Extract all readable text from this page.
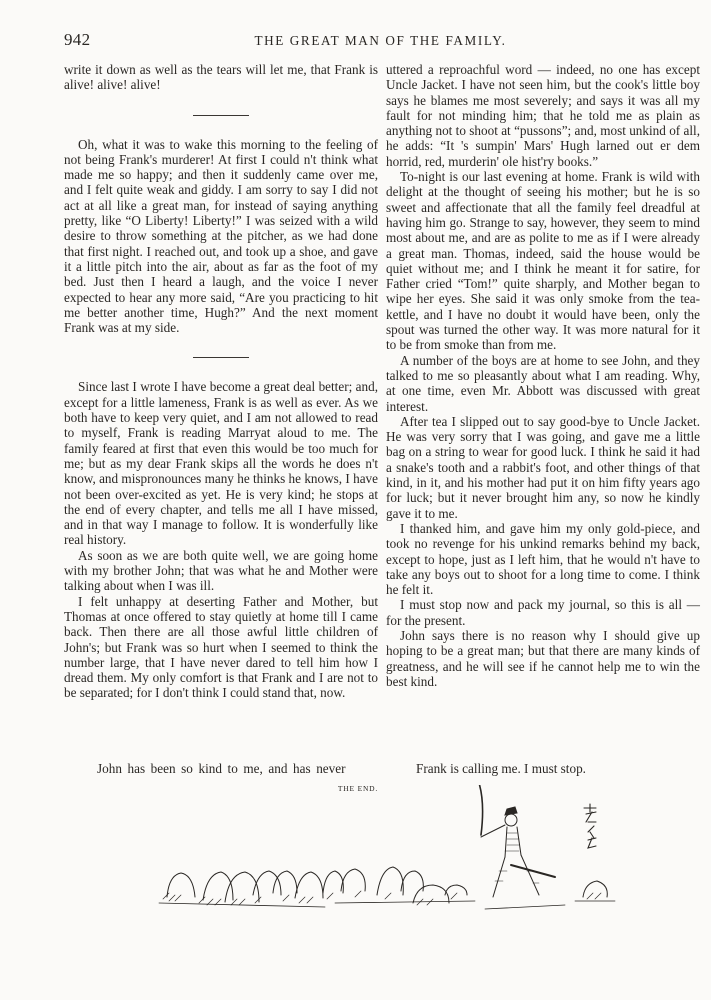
942	THE GREAT MAN OF THE FAMILY.

write it down as well as the tears will let me, that Frank is alive! alive! alive!

Oh, what it was to wake this morning to the feeling of not being Frank's murderer! At first I could n't think what made me so happy; and then it suddenly came over me, and I felt quite weak and giddy. I am sorry to say I did not act at all like a great man, for instead of saying anything pretty, like “O Liberty! Liberty!” I was seized with a wild desire to throw something at the pitcher, as we had done that first night. I reached out, and took up a shoe, and gave it a little pitch into the air, about as far as the foot of my bed. Just then I heard a laugh, and the voice I never expected to hear any more said, “Are you practicing to hit me better another time, Hugh?” And the next moment Frank was at my side.

Since last I wrote I have become a great deal better; and, except for a little lameness, Frank is as well as ever. As we both have to keep very quiet, and I am not allowed to read to myself, Frank is reading Marryat aloud to me. The family feared at first that even this would be too much for me; but as my dear Frank skips all the words he does n't know, and mispronounces many he thinks he knows, I have not been over-excited as yet. He is very kind; he stops at the end of every chapter, and tells me all I have missed, and in that way I manage to follow. It is wonderfully like real history.

As soon as we are both quite well, we are going home with my brother John; that was what he and Mother were talking about when I was ill.

I felt unhappy at deserting Father and Mother, but Thomas at once offered to stay quietly at home till I came back. Then there are all those awful little children of John's; but Frank was so hurt when I seemed to think the number large, that I have never dared to tell him how I dread them. My only comfort is that Frank and I are not to be separated; for I don't think I could stand that, now.

uttered a reproachful word — indeed, no one has except Uncle Jacket. I have not seen him, but the cook's little boy says he blames me most severely; and says it was all my fault for not minding him; that he told me as plain as anything not to shoot at “pussons”; and, most unkind of all, he adds: “It 's sumpin' Mars' Hugh larned out er dem horrid, red, murderin' ole hist'ry books.”

To-night is our last evening at home. Frank is wild with delight at the thought of seeing his mother; but he is so sweet and affectionate that all the family feel dreadful at having him go. Strange to say, however, they seem to mind most about me, and are as polite to me as if I were already a great man. Thomas, indeed, said the house would be quiet without me; and I think he meant it for satire, for Father cried “Tom!” quite sharply, and Mother began to wipe her eyes. She said it was only smoke from the tea-kettle, and I have no doubt it would have been, only the spout was turned the other way. It was more natural for it to be from smoke than from me.

A number of the boys are at home to see John, and they talked to me so pleasantly about what I am reading. Why, at one time, even Mr. Abbott was discussed with great interest.

After tea I slipped out to say good-bye to Uncle Jacket. He was very sorry that I was going, and gave me a little bag on a string to wear for good luck. I think he said it had a snake's tooth and a rabbit's foot, and other things of that kind, in it, and his mother had put it on him fifty years ago for luck; but it never brought him any, so now he kindly gave it to me.

I thanked him, and gave him my only gold-piece, and took no revenge for his unkind remarks behind my back, except to hope, just as I left him, that he would n't have to take any boys out to shoot for a long time to come. I think he felt it.

I must stop now and pack my journal, so this is all — for the present.

John says there is no reason why I should give up hoping to be a great man; but that there are many kinds of greatness, and he will see if he cannot help me to win the best kind.

John has been so kind to me, and has never	Frank is calling me. I must stop.
THE END.
